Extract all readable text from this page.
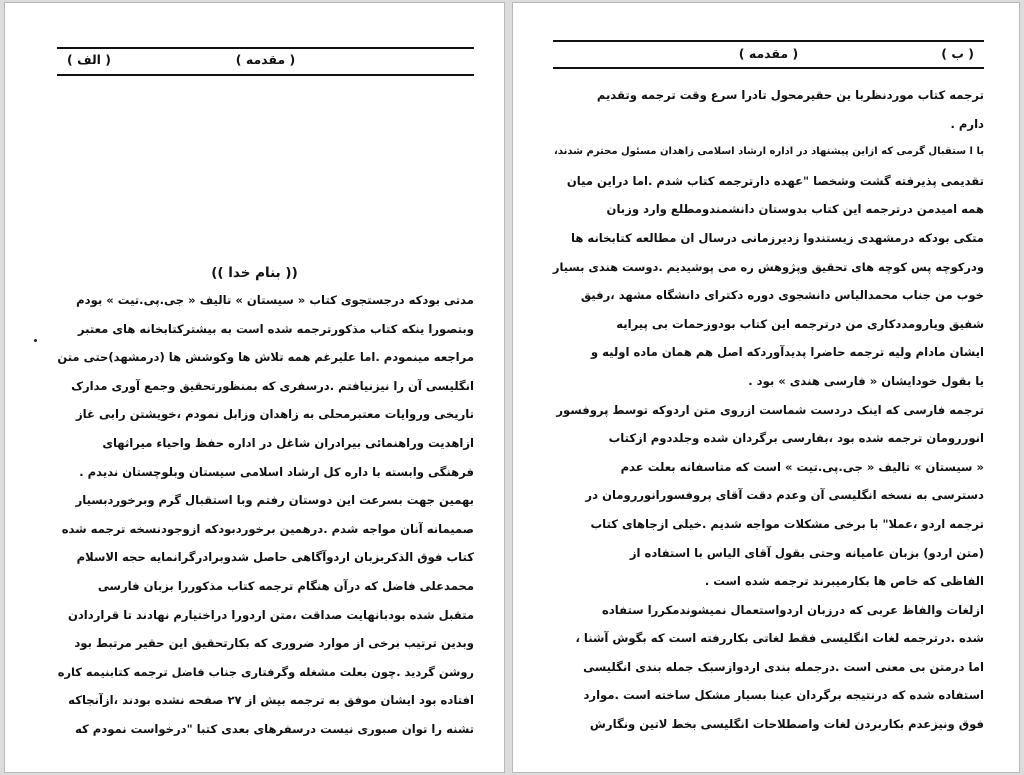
( مقدمه )
( الف )
(( بنام خدا ))
مدتی بودکه درجستجوی کتاب « سیستان » تالیف « جی.پی.تیت » بودم
وبتصورا ینکه کتاب مذکورترجمه شده است به بیشترکتابخانه های معتبر
مراجعه مینمودم .اما علیرغم همه تلاش ها وکوشش ها (درمشهد)حتی متن
انگلیسی آن را نیزنیافتم .درسفری که بمنظورتحقیق وجمع آوری مدارک
تاریخی وروایات معتبرمحلی به زاهدان وزابل نمودم ،خویشتن رابی غاز
ازاهدیت وراهنمائی بیرادران شاغل در اداره حفظ واحیاء میراثهای
فرهنگی وابسته با داره کل ارشاد اسلامی سیستان وبلوچستان ندیدم .
بهمین جهت بسرعت این دوستان رفتم وبا استقبال گرم وبرخوردبسیار
صمیمانه آنان مواجه شدم .درهمین برخوردبودکه ازوجودنسخه ترجمه شده
کتاب فوق الذکربزبان اردوآگاهی حاصل شدوبرادرگرانمایه حجه الاسلام
محمدعلی فاضل که درآن هنگام ترجمه کتاب مذکوررا بزبان فارسی
متقبل شده بودبانهایت صداقت ،متن اردورا دراختیارم نهادند تا قراردادن
وبدین ترتیب برخی از موارد ضروری که بکارتحقیق این حقیر مرتبط بود
روشن گردید .چون بعلت مشغله وگرفتاری جناب فاضل ترجمه کتابنیمه کاره
افتاده بود ایشان موفق به ترجمه بیش از ۲۷ صفحه نشده بودند ،ازآنجاکه
تشنه را توان صبوری نیست درسفرهای بعدی کتبا "درخواست نمودم که
( مقدمه )	( ب )
ترجمه کتاب موردنظربا ین حقیرمحول تادرا سرع وقت ترجمه وتقدیم
دارم .
با ا ستقبال گرمی که ازاین پیشنهاد در اداره ارشاد اسلامی زاهدان مسئول محترم شدند،
تقدیمی پذیرفته گشت وشخصا "عهده دارترجمه کتاب شدم .اما دراین میان
همه امیدمن درترجمه این کتاب بدوستان دانشمندومطلع وارد وزبان
متکی بودکه درمشهدی زیستندوا زدیرزمانی درسال ان مطالعه کتابخانه ها
ودرکوچه پس کوچه های تحقیق وپژوهش ره می پوشیدیم .دوست هندی بسیار
خوب من جناب محمدالیاس دانشجوی دوره دکترای دانشگاه مشهد ،رفیق
شفیق ویارومددکاری من درترجمه این کتاب بودوزحمات بی پیرایه
ایشان مادام ولیه ترجمه حاضرا پدیدآوردکه اصل هم همان ماده اولیه و
یا بقول خودایشان « فارسی هندی » بود .
ترجمه فارسی که اینک دردست شماست ازروی متن اردوکه توسط پروفسور
انوررومان ترجمه شده بود ،بفارسی برگردان شده وجلددوم ازکتاب
« سیستان » تالیف « جی.پی.تیت » است که متاسفانه بعلت عدم
دسترسی به نسخه انگلیسی آن وعدم دقت آقای پروفسورانوررومان در
ترجمه اردو ،عملا" با برخی مشکلات مواجه شدیم .خیلی ازجاهای کتاب
(متن اردو) بزبان عامیانه وحتی بقول آقای الیاس با استفاده از
الفاظی که خاص ها بکارمیبرند ترجمه شده است .
ازلغات والفاظ عربی که درزبان اردواستعمال نمیشوندمکررا ستفاده
شده .درترجمه لغات انگلیسی فقط لغاتی بکاررفته است که بگوش آشنا ،
اما درمتن بی معنی است .درجمله بندی اردوازسبک جمله بندی انگلیسی
استفاده شده که درنتیجه برگردان عینا بسیار مشکل ساخته است .موارد
فوق ونیزعدم بکاربردن لغات واصطلاحات انگلیسی بخط لاتین ونگارش
